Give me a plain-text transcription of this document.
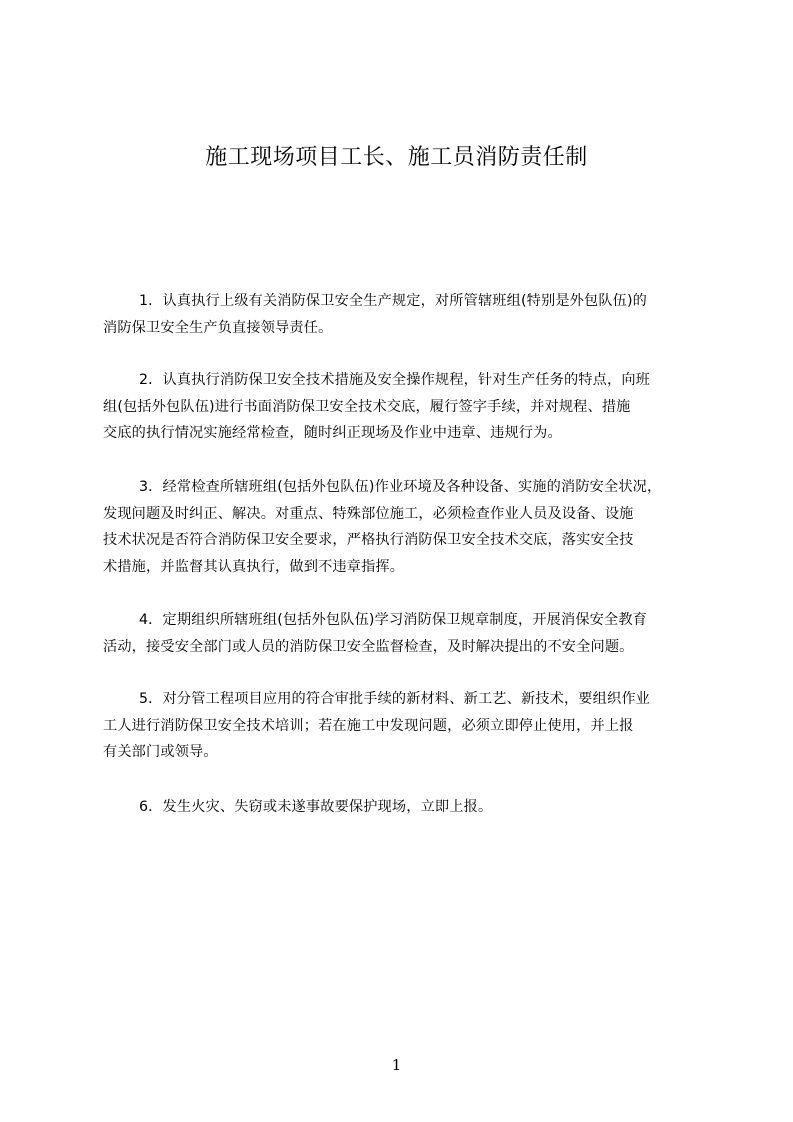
施工现场项目工长、施工员消防责任制

1．认真执行上级有关消防保卫安全生产规定，对所管辖班组(特别是外包队伍)的
消防保卫安全生产负直接领导责任。

2．认真执行消防保卫安全技术措施及安全操作规程，针对生产任务的特点，向班
组(包括外包队伍)进行书面消防保卫安全技术交底，履行签字手续，并对规程、措施
交底的执行情况实施经常检查，随时纠正现场及作业中违章、违规行为。

3．经常检查所辖班组(包括外包队伍)作业环境及各种设备、实施的消防安全状况，
发现问题及时纠正、解决。对重点、特殊部位施工，必须检查作业人员及设备、设施
技术状况是否符合消防保卫安全要求，严格执行消防保卫安全技术交底，落实安全技
术措施，并监督其认真执行，做到不违章指挥。

4．定期组织所辖班组(包括外包队伍)学习消防保卫规章制度，开展消保安全教育
活动，接受安全部门或人员的消防保卫安全监督检查，及时解决提出的不安全问题。

5．对分管工程项目应用的符合审批手续的新材料、新工艺、新技术，要组织作业
工人进行消防保卫安全技术培训；若在施工中发现问题，必须立即停止使用，并上报
有关部门或领导。

6．发生火灾、失窃或未遂事故要保护现场，立即上报。

1
